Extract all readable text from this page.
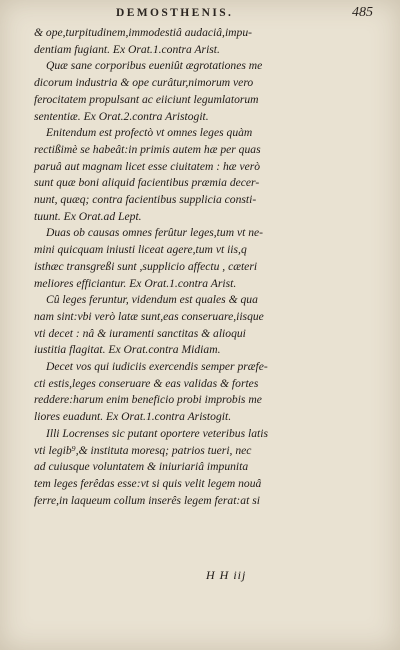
DEMOSTHENIS.	485
& ope,turpitudinem,immodestiâ audaciâ,impu-
dentiam fugiant. Ex Orat.1.contra Arist.
Quæ sane corporibus eueniût ægrotationes me
dicorum industria & ope curâtur,nimorum vero
ferocitatem propulsant ac eiiciunt legumlatorum
sententiæ. Ex Orat.2.contra Aristogit.
Enitendum est profectò vt omnes leges quàm
rectißimè se habeât:in primis autem hæ per quas
paruâ aut magnam licet esse ciuitatem : hæ verò
sunt quæ boni aliquid facientibus præmia decer-
nunt, quæq; contra facientibus supplicia consti-
tuunt. Ex Orat.ad Lept.
Duas ob causas omnes ferûtur leges,tum vt ne-
mini quicquam iniusti liceat agere,tum vt iis,q
isthæc transgreßi sunt ,supplicio affectu , cæteri
meliores efficiantur. Ex Orat.1.contra Arist.
Cû leges feruntur, videndum est quales & qua
nam sint:vbi verò latæ sunt,eas conseruare,iisque
vti decet : nâ & iuramenti sanctitas & alioqui
iustitia flagitat. Ex Orat.contra Midiam.
Decet vos qui iudiciis exercendis semper præfe-
cti estis,leges conseruare & eas validas & fortes
reddere:harum enim beneficio probi improbis me
liores euadunt. Ex Orat.1.contra Aristogit.
Illi Locrenses sic putant oportere veteribus latis
vti legib⁹,& instituta moresq; patrios tueri, nec
ad cuiusque voluntatem & iniuriariâ impunita
tem leges ferêdas esse:vt si quis velit legem nouâ
ferre,in laqueum collum inserês legem ferat:at si
H H iij
